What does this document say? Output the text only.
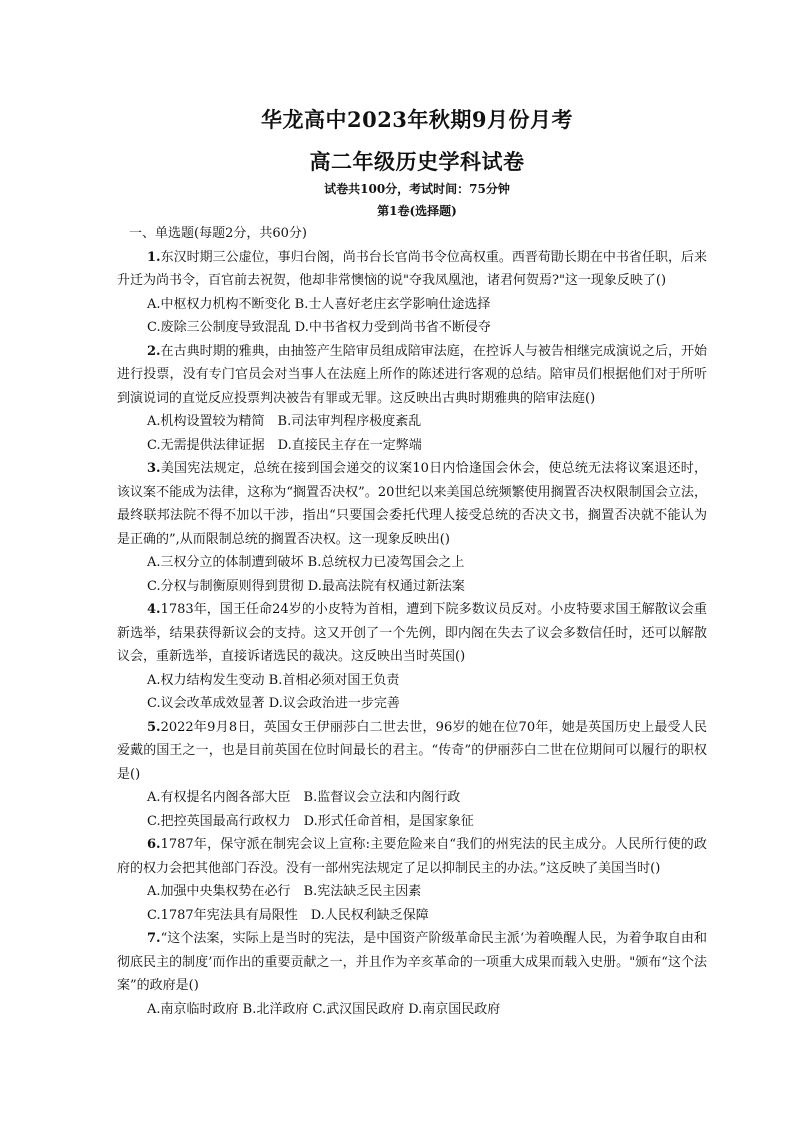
华龙高中2023年秋期9月份月考
高二年级历史学科试卷
试卷共100分，考试时间：75分钟
第1卷(选择题)

一、单选题(每题2分，共60分)

1.东汉时期三公虚位，事归台阁，尚书台长官尚书令位高权重。西晋荀勖长期在中书省任职，后来升迁为尚书令，百官前去祝贺，他却非常懊恼的说"夺我凤凰池，诸君何贺焉?"这一现象反映了()

A.中枢权力机构不断变化 B.士人喜好老庄玄学影响仕途选择

C.废除三公制度导致混乱 D.中书省权力受到尚书省不断侵夺

2.在古典时期的雅典，由抽签产生陪审员组成陪审法庭，在控诉人与被告相继完成演说之后，开始进行投票，没有专门官员会对当事人在法庭上所作的陈述进行客观的总结。陪审员们根据他们对于所听到演说词的直觉反应投票判决被告有罪或无罪。这反映出古典时期雅典的陪审法庭()

A.机构设置较为精简　B.司法审判程序极度紊乱

C.无需提供法律证据　D.直接民主存在一定弊端

3.美国宪法规定，总统在接到国会递交的议案10日内恰逢国会休会，使总统无法将议案退还时，该议案不能成为法律，这称为“搁置否决权”。20世纪以来美国总统频繁使用搁置否决权限制国会立法，最终联邦法院不得不加以干涉，指出“只要国会委托代理人接受总统的否决文书，搁置否决就不能认为是正确的”,从而限制总统的搁置否决权。这一现象反映出()

A.三权分立的体制遭到破坏 B.总统权力已凌驾国会之上

C.分权与制衡原则得到贯彻 D.最高法院有权通过新法案

4.1783年，国王任命24岁的小皮特为首相，遭到下院多数议员反对。小皮特要求国王解散议会重新选举，结果获得新议会的支持。这又开创了一个先例，即内阁在失去了议会多数信任时，还可以解散议会，重新选举，直接诉诸选民的裁决。这反映出当时英国()

A.权力结构发生变动 B.首相必须对国王负责

C.议会改革成效显著 D.议会政治进一步完善

5.2022年9月8日，英国女王伊丽莎白二世去世，96岁的她在位70年，她是英国历史上最受人民爱戴的国王之一，也是目前英国在位时间最长的君主。“传奇”的伊丽莎白二世在位期间可以履行的职权是()

A.有权提名内阁各部大臣　B.监督议会立法和内阁行政

C.把控英国最高行政权力　D.形式任命首相，是国家象征

6.1787年，保守派在制宪会议上宣称:主要危险来自“我们的州宪法的民主成分。人民所行使的政府的权力会把其他部门吞没。没有一部州宪法规定了足以抑制民主的办法。”这反映了美国当时()

A.加强中央集权势在必行　B.宪法缺乏民主因素

C.1787年宪法具有局限性　D.人民权利缺乏保障

7.“这个法案，实际上是当时的宪法，是中国资产阶级革命民主派‘为着唤醒人民，为着争取自由和彻底民主的制度’而作出的重要贡献之一，并且作为辛亥革命的一项重大成果而载入史册。"颁布“这个法案”的政府是()

A.南京临时政府 B.北洋政府 C.武汉国民政府 D.南京国民政府
